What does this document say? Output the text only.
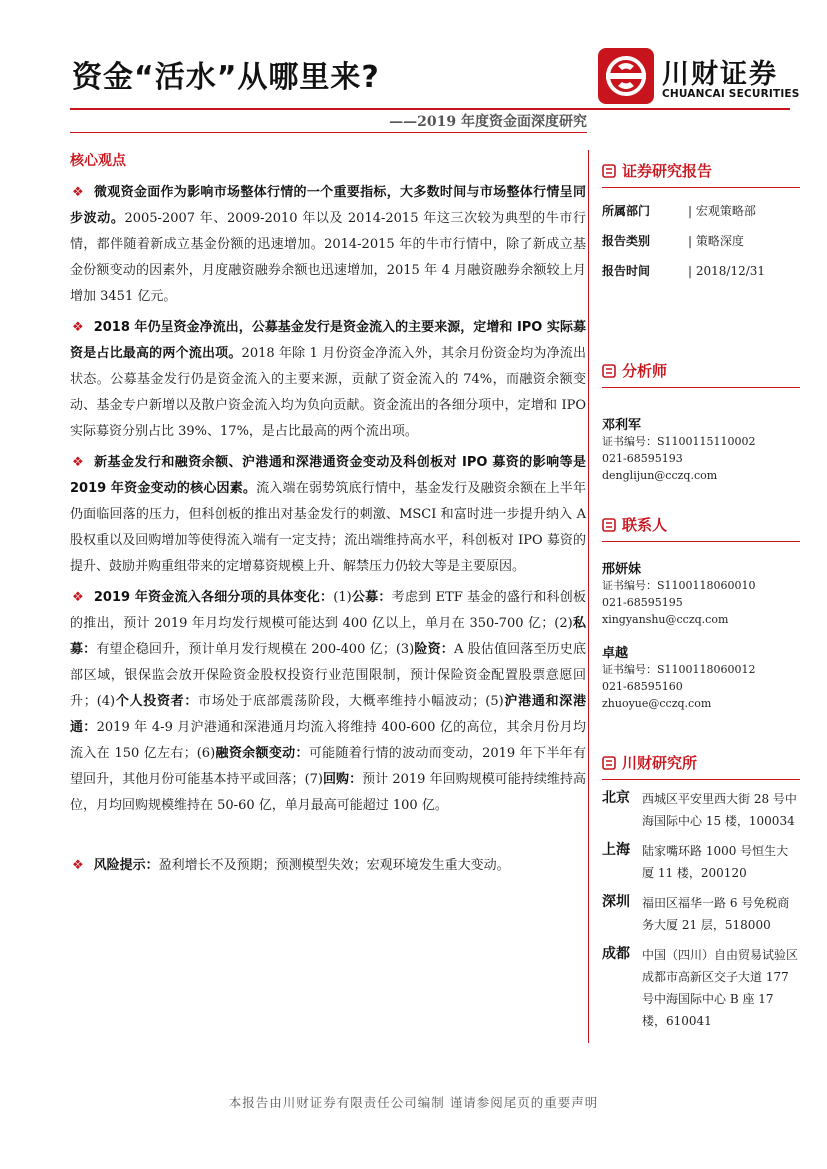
资金“活水”从哪里来?	川财证券
CHUANCAI SECURITIES
——2019 年度资金面深度研究
核心观点

❖ 微观资金面作为影响市场整体行情的一个重要指标，大多数时间与市场整体行情呈同步波动。2005-2007 年、2009-2010 年以及 2014-2015 年这三次较为典型的牛市行情，都伴随着新成立基金份额的迅速增加。2014-2015 年的牛市行情中，除了新成立基金份额变动的因素外，月度融资融券余额也迅速增加，2015 年 4 月融资融券余额较上月增加 3451 亿元。

❖ 2018 年仍呈资金净流出，公募基金发行是资金流入的主要来源，定增和 IPO 实际募资是占比最高的两个流出项。2018 年除 1 月份资金净流入外，其余月份资金均为净流出状态。公募基金发行仍是资金流入的主要来源，贡献了资金流入的 74%，而融资余额变动、基金专户新增以及散户资金流入均为负向贡献。资金流出的各细分项中，定增和 IPO 实际募资分别占比 39%、17%，是占比最高的两个流出项。

❖ 新基金发行和融资余额、沪港通和深港通资金变动及科创板对 IPO 募资的影响等是 2019 年资金变动的核心因素。流入端在弱势筑底行情中，基金发行及融资余额在上半年仍面临回落的压力，但科创板的推出对基金发行的刺激、MSCI 和富时进一步提升纳入 A 股权重以及回购增加等使得流入端有一定支持；流出端维持高水平，科创板对 IPO 募资的提升、鼓励并购重组带来的定增募资规模上升、解禁压力仍较大等是主要原因。

❖ 2019 年资金流入各细分项的具体变化：(1)公募：考虑到 ETF 基金的盛行和科创板的推出，预计 2019 年月均发行规模可能达到 400 亿以上，单月在 350-700 亿；(2)私募：有望企稳回升，预计单月发行规模在 200-400 亿；(3)险资：A 股估值回落至历史底部区域，银保监会放开保险资金股权投资行业范围限制，预计保险资金配置股票意愿回升；(4)个人投资者：市场处于底部震荡阶段，大概率维持小幅波动；(5)沪港通和深港通：2019 年 4-9 月沪港通和深港通月均流入将维持 400-600 亿的高位，其余月份月均流入在 150 亿左右；(6)融资余额变动：可能随着行情的波动而变动，2019 年下半年有望回升，其他月份可能基本持平或回落；(7)回购：预计 2019 年回购规模可能持续维持高位，月均回购规模维持在 50-60 亿，单月最高可能超过 100 亿。

❖ 风险提示：盈利增长不及预期；预测模型失效；宏观环境发生重大变动。

证券研究报告
所属部门	| 宏观策略部
报告类别	| 策略深度
报告时间	| 2018/12/31
分析师
邓利军
证书编号：S1100115110002
021-68595193
denglijun@cczq.com
联系人
邢妍妹
证书编号：S1100118060010
021-68595195
xingyanshu@cczq.com
卓越
证书编号：S1100118060012
021-68595160
zhuoyue@cczq.com
川财研究所
北京	西城区平安里西大街 28 号中海国际中心 15 楼，100034
上海	陆家嘴环路 1000 号恒生大厦 11 楼，200120
深圳	福田区福华一路 6 号免税商务大厦 21 层，518000
成都	中国（四川）自由贸易试验区成都市高新区交子大道 177 号中海国际中心 B 座 17 楼，610041
本报告由川财证券有限责任公司编制 谨请参阅尾页的重要声明
